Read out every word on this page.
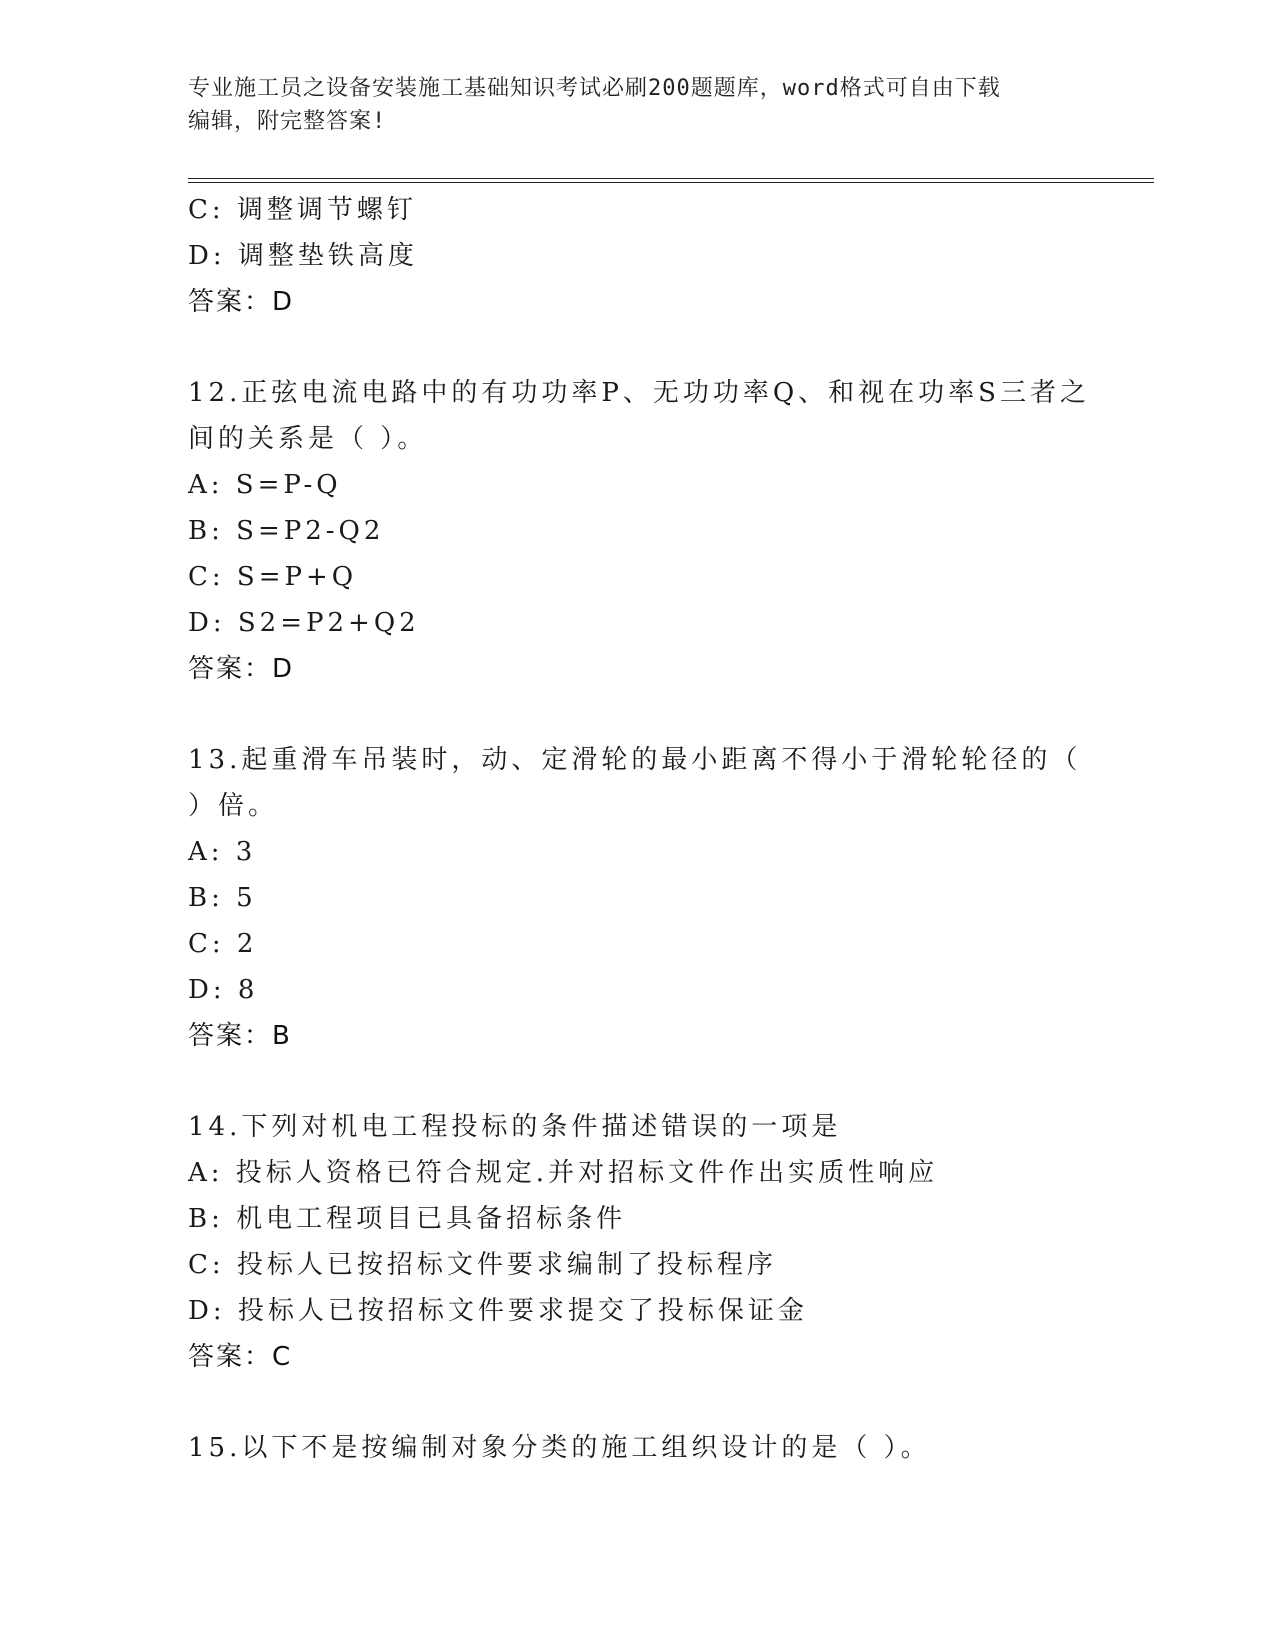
专业施工员之设备安装施工基础知识考试必刷200题题库，word格式可自由下载
编辑，附完整答案!
C: 调整调节螺钉
D: 调整垫铁高度
答案：D
12.正弦电流电路中的有功功率P、无功功率Q、和视在功率S三者之
间的关系是（ ）。
A: S=P-Q
B: S=P2-Q2
C: S=P+Q
D: S2=P2+Q2
答案：D
13.起重滑车吊装时，动、定滑轮的最小距离不得小于滑轮轮径的（
）倍。
A: 3
B: 5
C: 2
D: 8
答案：B
14.下列对机电工程投标的条件描述错误的一项是
A: 投标人资格已符合规定.并对招标文件作出实质性响应
B: 机电工程项目已具备招标条件
C: 投标人已按招标文件要求编制了投标程序
D: 投标人已按招标文件要求提交了投标保证金
答案：C
15.以下不是按编制对象分类的施工组织设计的是（ ）。
